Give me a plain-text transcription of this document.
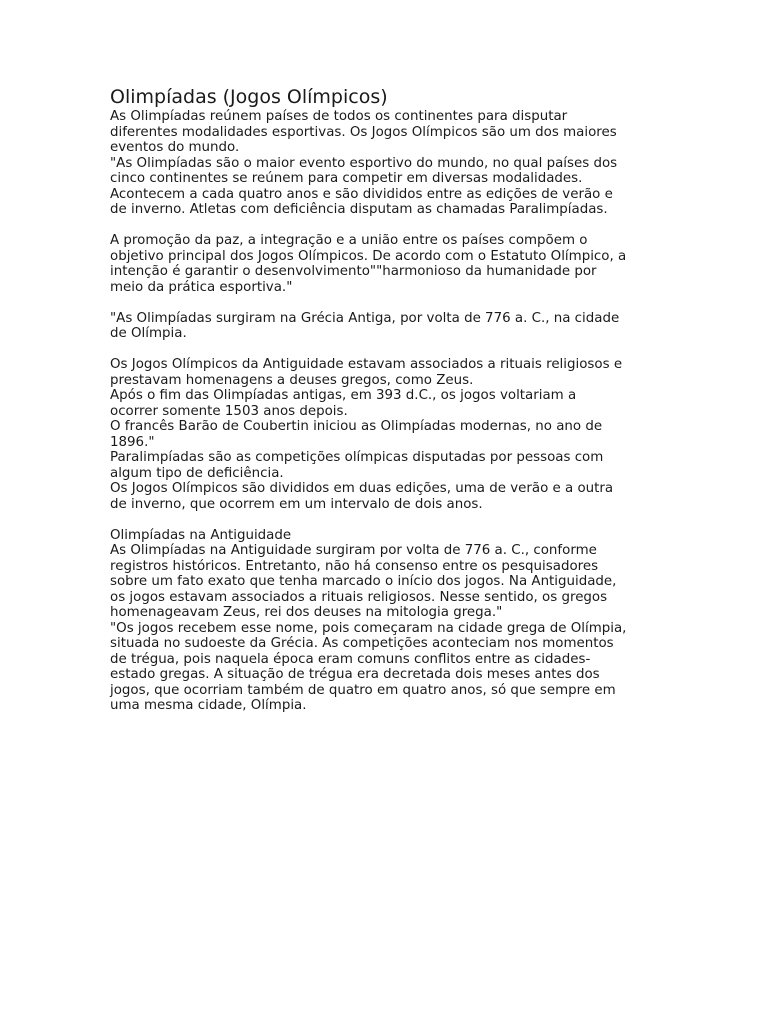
Olimpíadas (Jogos Olímpicos)
As Olimpíadas reúnem países de todos os continentes para disputar
diferentes modalidades esportivas. Os Jogos Olímpicos são um dos maiores
eventos do mundo.
"As Olimpíadas são o maior evento esportivo do mundo, no qual países dos
cinco continentes se reúnem para competir em diversas modalidades.
Acontecem a cada quatro anos e são divididos entre as edições de verão e
de inverno. Atletas com deficiência disputam as chamadas Paralimpíadas.
A promoção da paz, a integração e a união entre os países compõem o
objetivo principal dos Jogos Olímpicos. De acordo com o Estatuto Olímpico, a
intenção é garantir o desenvolvimento""harmonioso da humanidade por
meio da prática esportiva."
"As Olimpíadas surgiram na Grécia Antiga, por volta de 776 a. C., na cidade
de Olímpia.
Os Jogos Olímpicos da Antiguidade estavam associados a rituais religiosos e
prestavam homenagens a deuses gregos, como Zeus.
Após o fim das Olimpíadas antigas, em 393 d.C., os jogos voltariam a
ocorrer somente 1503 anos depois.
O francês Barão de Coubertin iniciou as Olimpíadas modernas, no ano de
1896."
Paralimpíadas são as competições olímpicas disputadas por pessoas com
algum tipo de deficiência.
Os Jogos Olímpicos são divididos em duas edições, uma de verão e a outra
de inverno, que ocorrem em um intervalo de dois anos.
Olimpíadas na Antiguidade
As Olimpíadas na Antiguidade surgiram por volta de 776 a. C., conforme
registros históricos. Entretanto, não há consenso entre os pesquisadores
sobre um fato exato que tenha marcado o início dos jogos. Na Antiguidade,
os jogos estavam associados a rituais religiosos. Nesse sentido, os gregos
homenageavam Zeus, rei dos deuses na mitologia grega."
"Os jogos recebem esse nome, pois começaram na cidade grega de Olímpia,
situada no sudoeste da Grécia. As competições aconteciam nos momentos
de trégua, pois naquela época eram comuns conflitos entre as cidades-
estado gregas. A situação de trégua era decretada dois meses antes dos
jogos, que ocorriam também de quatro em quatro anos, só que sempre em
uma mesma cidade, Olímpia.
